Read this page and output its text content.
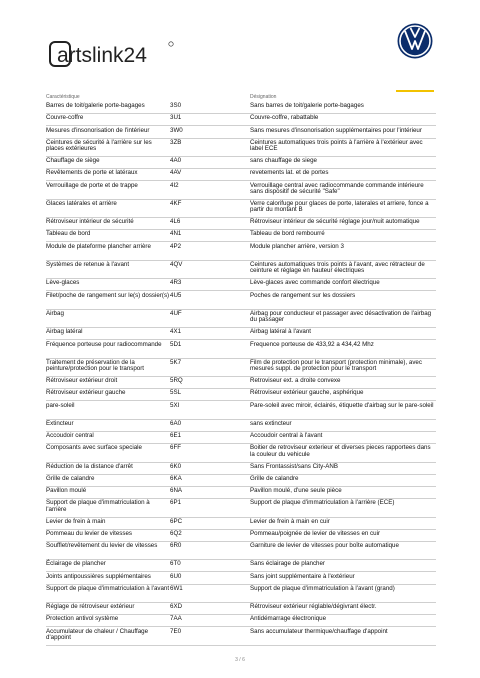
artslink24
Caractéristique		Désignation
Barres de toit/galerie porte-bagages	3S0	Sans barres de toit/galerie porte-bagages
Couvre-coffre	3U1	Couvre-coffre, rabattable
Mesures d'insonorisation de l'intérieur	3W0	Sans mesures d'insonorisation supplémentaires pour l'intérieur
Ceintures de sécurité à l'arrière sur les places extérieures	3ZB	Ceintures automatiques trois points à l'arrière à l'extérieur avec label ECE
Chauffage de siège	4A0	sans chauffage de siege
Revêtements de porte et latéraux	4AV	revetements lat. et de portes
Verrouillage de porte et de trappe	4I2	Verrouillage central avec radiocommande commande intérieure sans dispositif de sécurité "Safe"
Glaces latérales et arrière	4KF	Verre calorifuge pour glaces de porte, laterales et arriere, fonce a partir du montant B
Rétroviseur intérieur de sécurité	4L6	Rétroviseur intérieur de sécurité réglage jour/nuit automatique
Tableau de bord	4N1	Tableau de bord rembourré
Module de plateforme plancher arrière	4P2	Module plancher arrière, version 3
Systèmes de retenue à l'avant	4QV	Ceintures automatiques trois points à l'avant, avec rétracteur de ceinture et réglage en hauteur électriques
Lève-glaces	4R3	Lève-glaces avec commande confort électrique
Filet/poche de rangement sur le(s) dossier(s)	4U5	Poches de rangement sur les dossiers
Airbag	4UF	Airbag pour conducteur et passager avec désactivation de l'airbag du passager
Airbag latéral	4X1	Airbag latéral à l'avant
Fréquence porteuse pour radiocommande	5D1	Frequence porteuse de 433,92 a 434,42 Mhz
Traitement de préservation de la peinture/protection pour le transport	5K7	Film de protection pour le transport (protection minimale), avec mesures suppl. de protection pour le transport
Rétroviseur extérieur droit	5RQ	Retroviseur ext. a droite convexe
Rétroviseur extérieur gauche	5SL	Rétroviseur extérieur gauche, asphérique
pare-soleil	5XI	Pare-soleil avec miroir, éclairés, étiquette d'airbag sur le pare-soleil
Extincteur	6A0	sans extincteur
Accoudoir central	6E1	Accoudoir central à l'avant
Composants avec surface speciale	6FF	Boitier de retroviseur exterieur et diverses pieces rapportees dans la couleur du vehicule
Réduction de la distance d'arrêt	6K0	Sans Frontassist/sans City-ANB
Grille de calandre	6KA	Grille de calandre
Pavillon moulé	6NA	Pavillon moulé, d'une seule pièce
Support de plaque d'immatriculation à l'arrière	6P1	Support de plaque d'immatriculation à l'arrière (ECE)
Levier de frein à main	6PC	Levier de frein à main en cuir
Pommeau du levier de vitesses	6Q2	Pommeau/poignée de levier de vitesses en cuir
Soufflet/revêtement du levier de vitesses	6R0	Garniture de levier de vitesses pour boîte automatique
Éclairage de plancher	6T0	Sans éclairage de plancher
Joints antipoussières supplémentaires	6U0	Sans joint supplémentaire à l'extérieur
Support de plaque d'immatriculation à l'avant	6W1	Support de plaque d'immatriculation à l'avant (grand)
Réglage de rétroviseur extérieur	6XD	Rétroviseur extérieur réglable/dégivrant électr.
Protection antivol système	7AA	Antidémarrage électronique
Accumulateur de chaleur / Chauffage d'appoint	7E0	Sans accumulateur thermique/chauffage d'appoint
3 / 6
